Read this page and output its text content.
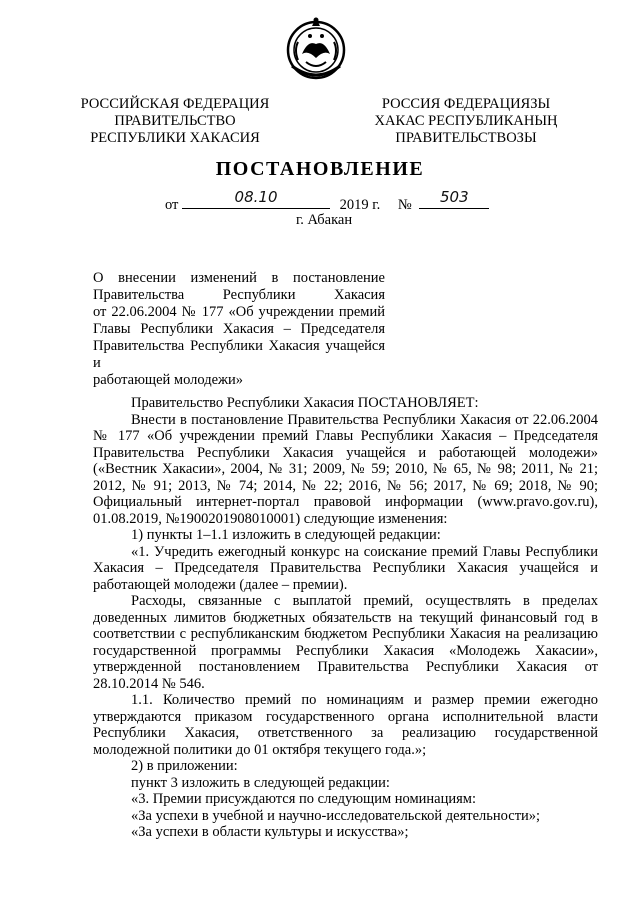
РОССИЙСКАЯ ФЕДЕРАЦИЯ
ПРАВИТЕЛЬСТВО
РЕСПУБЛИКИ ХАКАСИЯ
РОССИЯ ФЕДЕРАЦИЯЗЫ
ХАКАС РЕСПУБЛИКАНЫҢ
ПРАВИТЕЛЬСТВОЗЫ
ПОСТАНОВЛЕНИЕ
от	08.10	2019 г. №	503
г. Абакан
О внесении изменений в постановление
Правительства Республики Хакасия
от 22.06.2004 № 177 «Об учреждении премий
Главы Республики Хакасия – Председателя
Правительства Республики Хакасия учащейся и
работающей молодежи»

Правительство Республики Хакасия ПОСТАНОВЛЯЕТ:

Внести в постановление Правительства Республики Хакасия от 22.06.2004 № 177 «Об учреждении премий Главы Республики Хакасия – Председателя Правительства Республики Хакасия учащейся и работающей молодежи» («Вестник Хакасии», 2004, № 31; 2009, № 59; 2010, № 65, № 98; 2011, № 21; 2012, № 91; 2013, № 74; 2014, № 22; 2016, № 56; 2017, № 69; 2018, № 90; Официальный интернет-портал правовой информации (www.pravo.gov.ru), 01.08.2019, №1900201908010001) следующие изменения:

1) пункты 1–1.1 изложить в следующей редакции:

«1. Учредить ежегодный конкурс на соискание премий Главы Республики Хакасия – Председателя Правительства Республики Хакасия учащейся и работающей молодежи (далее – премии).

Расходы, связанные с выплатой премий, осуществлять в пределах доведенных лимитов бюджетных обязательств на текущий финансовый год в соответствии с республиканским бюджетом Республики Хакасия на реализацию государственной программы Республики Хакасия «Молодежь Хакасии», утвержденной постановлением Правительства Республики Хакасия от 28.10.2014 № 546.

1.1. Количество премий по номинациям и размер премии ежегодно утверждаются приказом государственного органа исполнительной власти Республики Хакасия, ответственного за реализацию государственной молодежной политики до 01 октября текущего года.»;

2) в приложении:

пункт 3 изложить в следующей редакции:

«3. Премии присуждаются по следующим номинациям:

«За успехи в учебной и научно-исследовательской деятельности»;

«За успехи в области культуры и искусства»;
